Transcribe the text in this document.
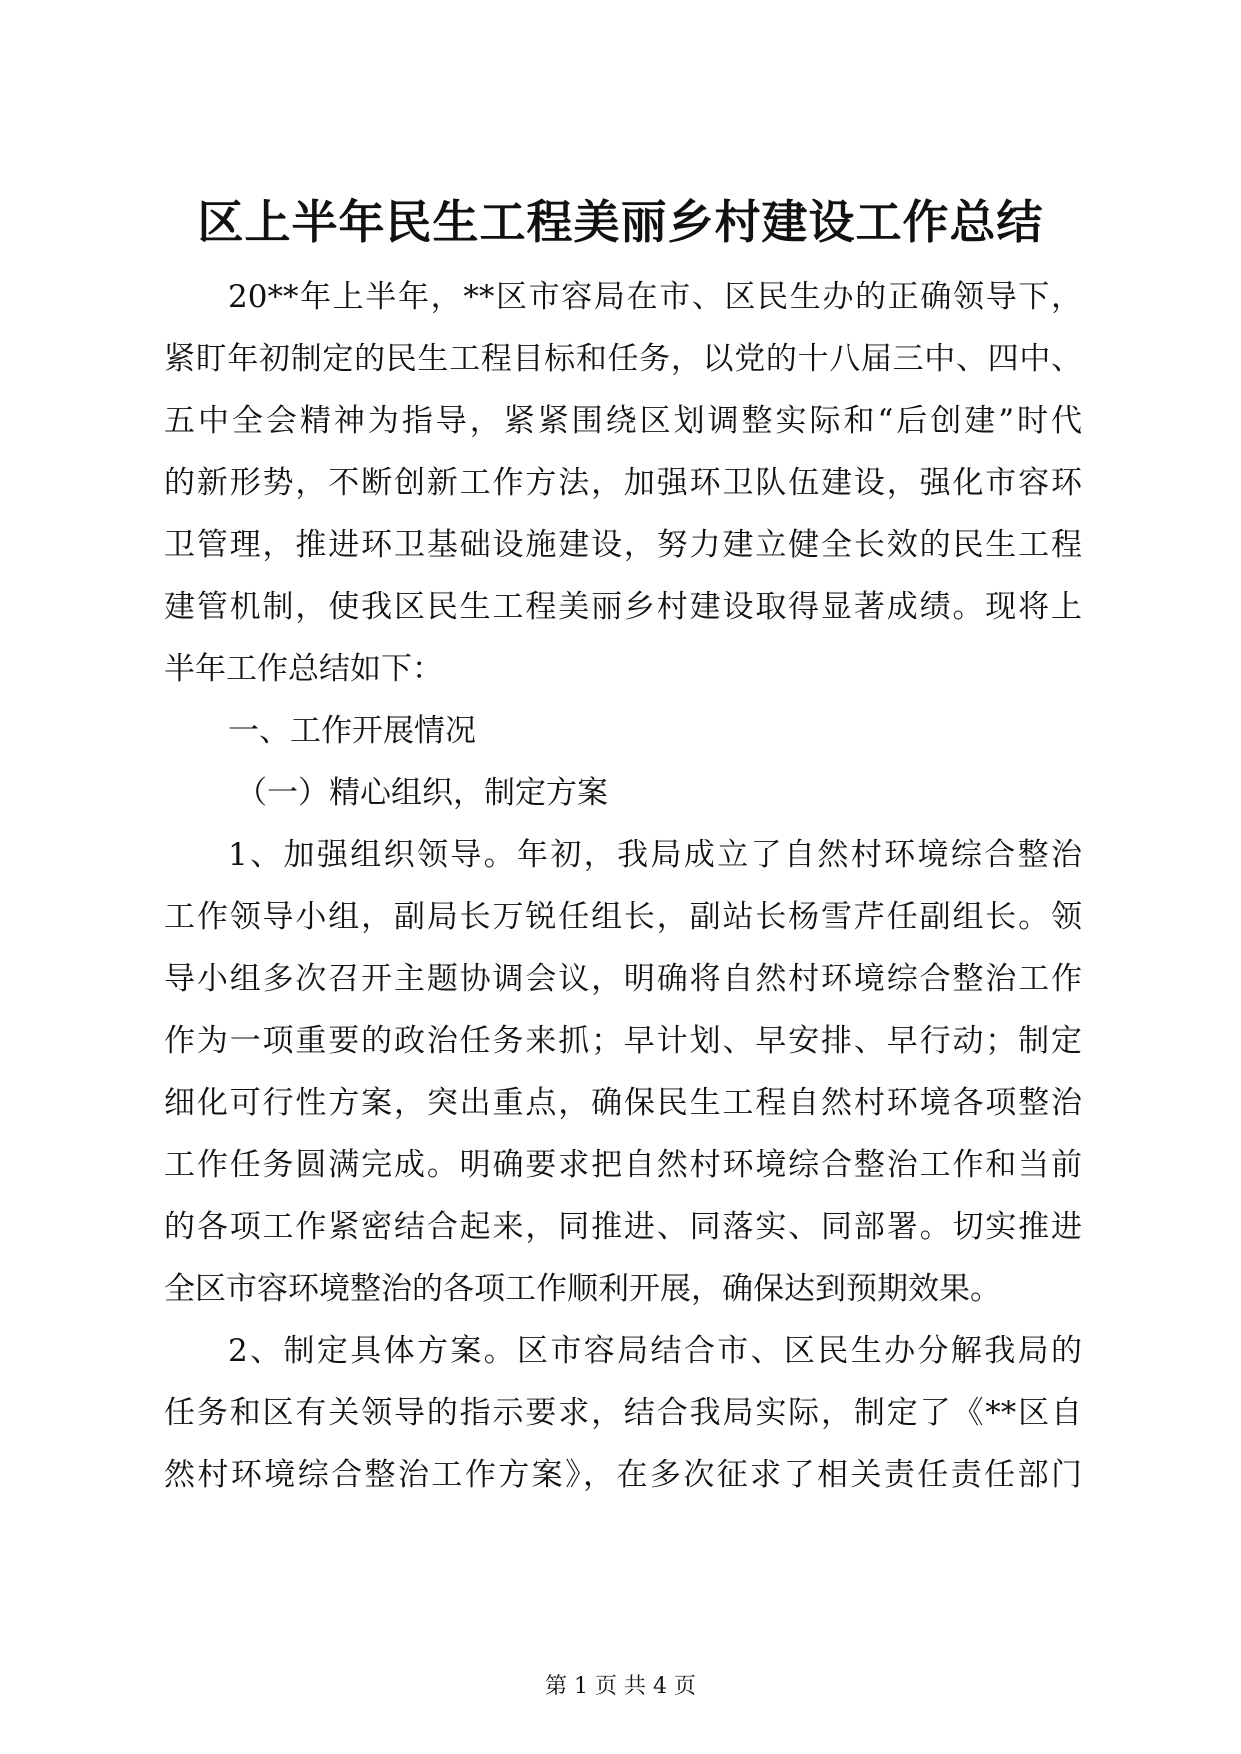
区上半年民生工程美丽乡村建设工作总结
20**年上半年，**区市容局在市、区民生办的正确领导下，
紧盯年初制定的民生工程目标和任务，以党的十八届三中、四中、
五中全会精神为指导，紧紧围绕区划调整实际和“后创建”时代
的新形势，不断创新工作方法，加强环卫队伍建设，强化市容环
卫管理，推进环卫基础设施建设，努力建立健全长效的民生工程
建管机制，使我区民生工程美丽乡村建设取得显著成绩。现将上
半年工作总结如下：
一、工作开展情况
（一）精心组织，制定方案
1、加强组织领导。年初，我局成立了自然村环境综合整治
工作领导小组，副局长万锐任组长，副站长杨雪芹任副组长。领
导小组多次召开主题协调会议，明确将自然村环境综合整治工作
作为一项重要的政治任务来抓；早计划、早安排、早行动；制定
细化可行性方案，突出重点，确保民生工程自然村环境各项整治
工作任务圆满完成。明确要求把自然村环境综合整治工作和当前
的各项工作紧密结合起来，同推进、同落实、同部署。切实推进
全区市容环境整治的各项工作顺利开展，确保达到预期效果。
2、制定具体方案。区市容局结合市、区民生办分解我局的
任务和区有关领导的指示要求，结合我局实际，制定了《**区自
然村环境综合整治工作方案》，在多次征求了相关责任责任部门
第 1 页 共 4 页
